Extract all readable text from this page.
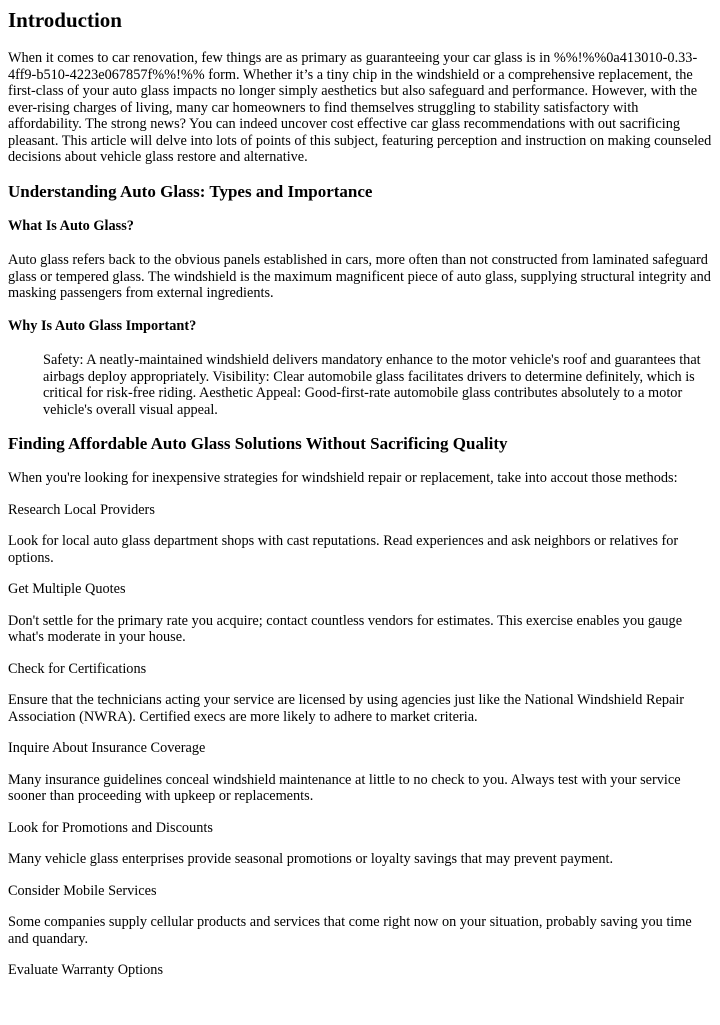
Introduction

When it comes to car renovation, few things are as primary as guaranteeing your car glass is in %%!%%0a413010-0.33-4ff9-b510-4223e067857f%%!%% form. Whether it’s a tiny chip in the windshield or a comprehensive replacement, the first-class of your auto glass impacts no longer simply aesthetics but also safeguard and performance. However, with the ever-rising charges of living, many car homeowners to find themselves struggling to stability satisfactory with affordability. The strong news? You can indeed uncover cost effective car glass recommendations with out sacrificing pleasant. This article will delve into lots of points of this subject, featuring perception and instruction on making counseled decisions about vehicle glass restore and alternative.

Understanding Auto Glass: Types and Importance
What Is Auto Glass?

Auto glass refers back to the obvious panels established in cars, more often than not constructed from laminated safeguard glass or tempered glass. The windshield is the maximum magnificent piece of auto glass, supplying structural integrity and masking passengers from external ingredients.

Why Is Auto Glass Important?
Safety: A neatly-maintained windshield delivers mandatory enhance to the motor vehicle's roof and guarantees that airbags deploy appropriately. Visibility: Clear automobile glass facilitates drivers to determine definitely, which is critical for risk-free riding. Aesthetic Appeal: Good-first-rate automobile glass contributes absolutely to a motor vehicle's overall visual appeal.
Finding Affordable Auto Glass Solutions Without Sacrificing Quality

When you're looking for inexpensive strategies for windshield repair or replacement, take into accout those methods:

Research Local Providers

Look for local auto glass department shops with cast reputations. Read experiences and ask neighbors or relatives for options.

Get Multiple Quotes

Don't settle for the primary rate you acquire; contact countless vendors for estimates. This exercise enables you gauge what's moderate in your house.

Check for Certifications

Ensure that the technicians acting your service are licensed by using agencies just like the National Windshield Repair Association (NWRA). Certified execs are more likely to adhere to market criteria.

Inquire About Insurance Coverage

Many insurance guidelines conceal windshield maintenance at little to no check to you. Always test with your service sooner than proceeding with upkeep or replacements.

Look for Promotions and Discounts

Many vehicle glass enterprises provide seasonal promotions or loyalty savings that may prevent payment.

Consider Mobile Services

Some companies supply cellular products and services that come right now on your situation, probably saving you time and quandary.

Evaluate Warranty Options
